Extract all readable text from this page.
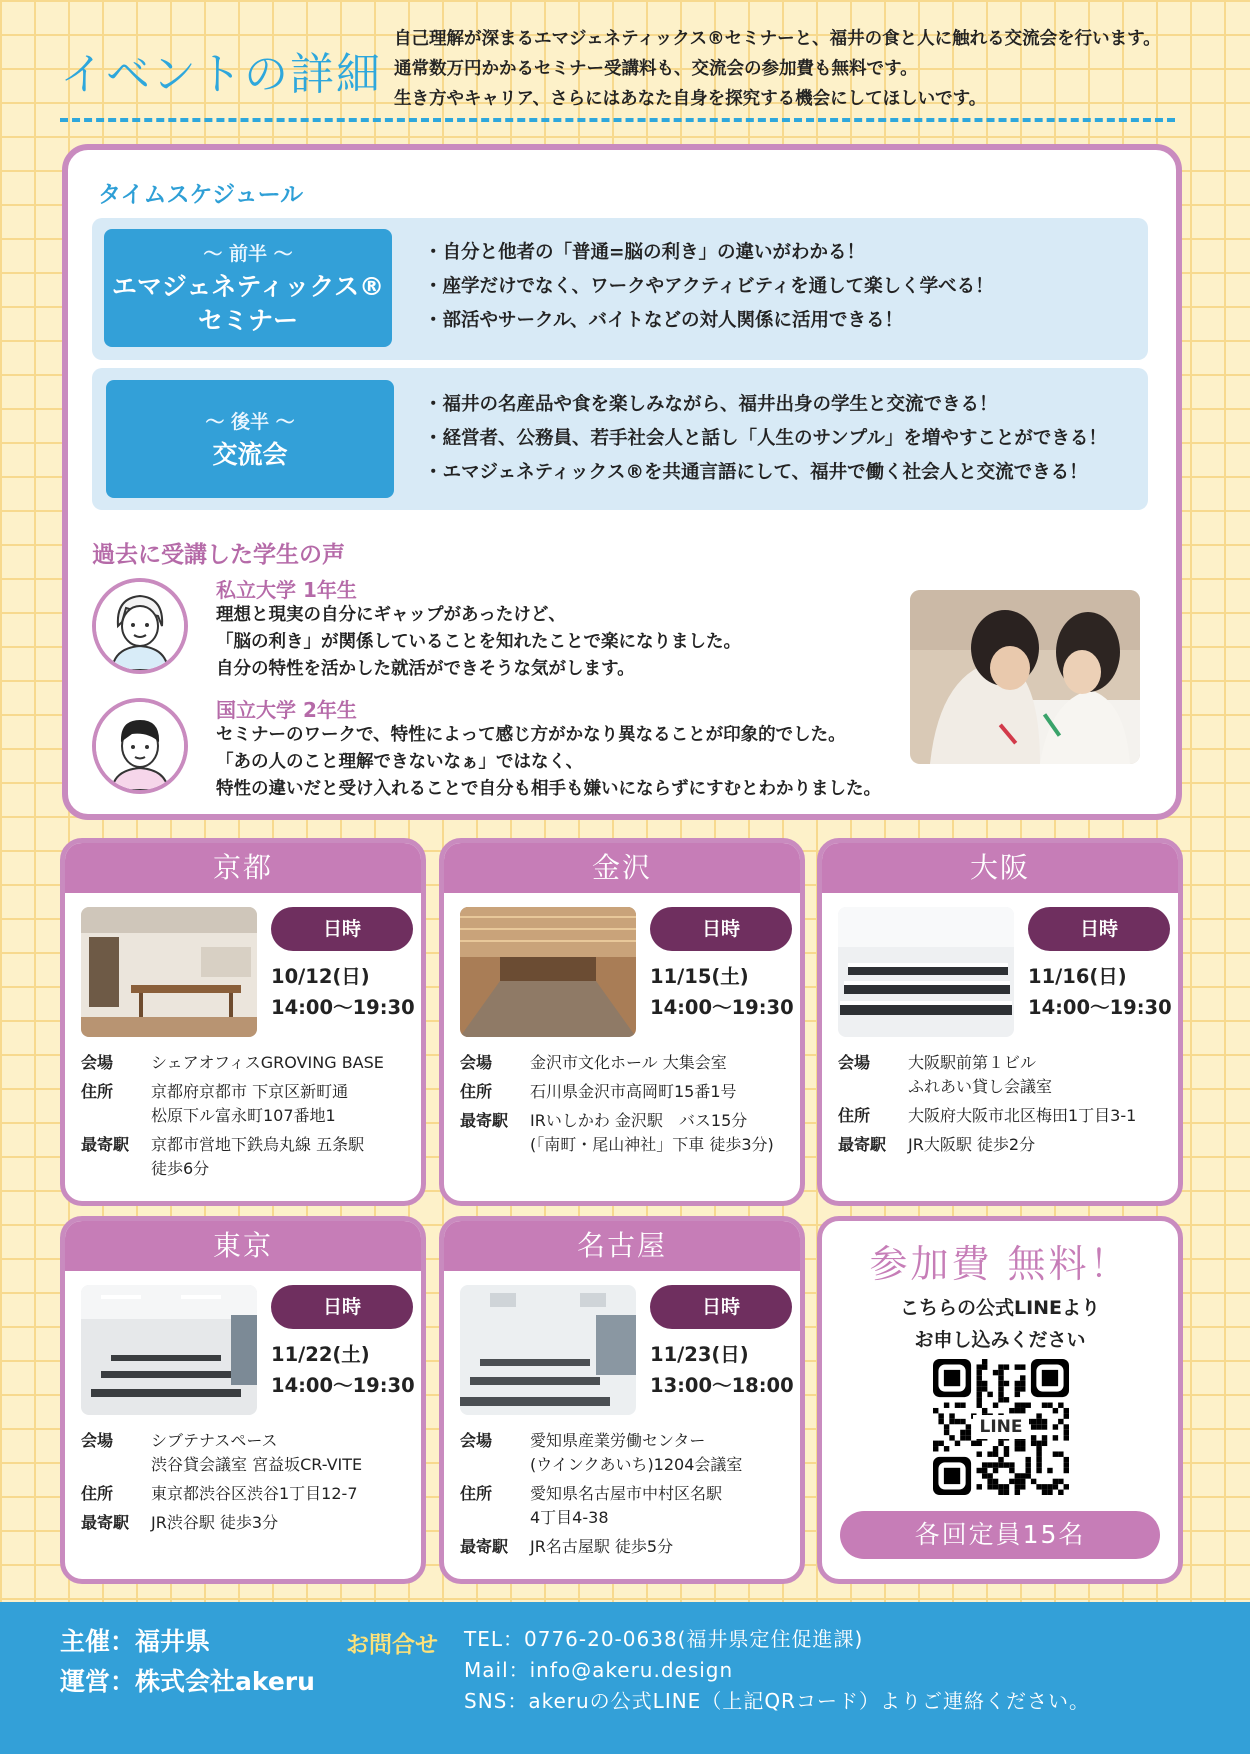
イベントの詳細
自己理解が深まるエマジェネティックス®セミナーと、福井の食と人に触れる交流会を行います。
通常数万円かかるセミナー受講料も、交流会の参加費も無料です。
生き方やキャリア、さらにはあなた自身を探究する機会にしてほしいです。
タイムスケジュール
〜 前半 〜
エマジェネティックス®
セミナー
・自分と他者の「普通=脳の利き」の違いがわかる！
・座学だけでなく、ワークやアクティビティを通して楽しく学べる！
・部活やサークル、バイトなどの対人関係に活用できる！
〜 後半 〜
交流会
・福井の名産品や食を楽しみながら、福井出身の学生と交流できる！
・経営者、公務員、若手社会人と話し「人生のサンプル」を増やすことができる！
・エマジェネティックス®を共通言語にして、福井で働く社会人と交流できる！
過去に受講した学生の声
私立大学 1年生
理想と現実の自分にギャップがあったけど、
「脳の利き」が関係していることを知れたことで楽になりました。
自分の特性を活かした就活ができそうな気がします。
国立大学 2年生
セミナーのワークで、特性によって感じ方がかなり異なることが印象的でした。
「あの人のこと理解できないなぁ」ではなく、
特性の違いだと受け入れることで自分も相手も嫌いにならずにすむとわかりました。
京都
日時
10/12(日)
14:00〜19:30
会場	シェアオフィスGROVING BASE
住所	京都府京都市 下京区新町通
松原下ル富永町107番地1
最寄駅	京都市営地下鉄烏丸線 五条駅
徒歩6分
金沢
日時
11/15(土)
14:00〜19:30
会場	金沢市文化ホール 大集会室
住所	石川県金沢市高岡町15番1号
最寄駅	IRいしかわ 金沢駅　バス15分
(「南町・尾山神社」下車 徒歩3分)
大阪
日時
11/16(日)
14:00〜19:30
会場	大阪駅前第１ビル
ふれあい貸し会議室
住所	大阪府大阪市北区梅田1丁目3-1
最寄駅	JR大阪駅 徒歩2分
東京
日時
11/22(土)
14:00〜19:30
会場	シブテナスペース
渋谷貸会議室 宮益坂CR-VITE
住所	東京都渋谷区渋谷1丁目12-7
最寄駅	JR渋谷駅 徒歩3分
名古屋
日時
11/23(日)
13:00〜18:00
会場	愛知県産業労働センター
(ウインクあいち)1204会議室
住所	愛知県名古屋市中村区名駅
4丁目4-38
最寄駅	JR名古屋駅 徒歩5分
参加費 無料！
こちらの公式LINEより
お申し込みください
LINE
各回定員15名
主催：福井県
運営：株式会社akeru
お問合せ TEL：0776-20-0638(福井県定住促進課)
Mail：info@akeru.design
SNS：akeruの公式LINE（上記QRコード）よりご連絡ください。
